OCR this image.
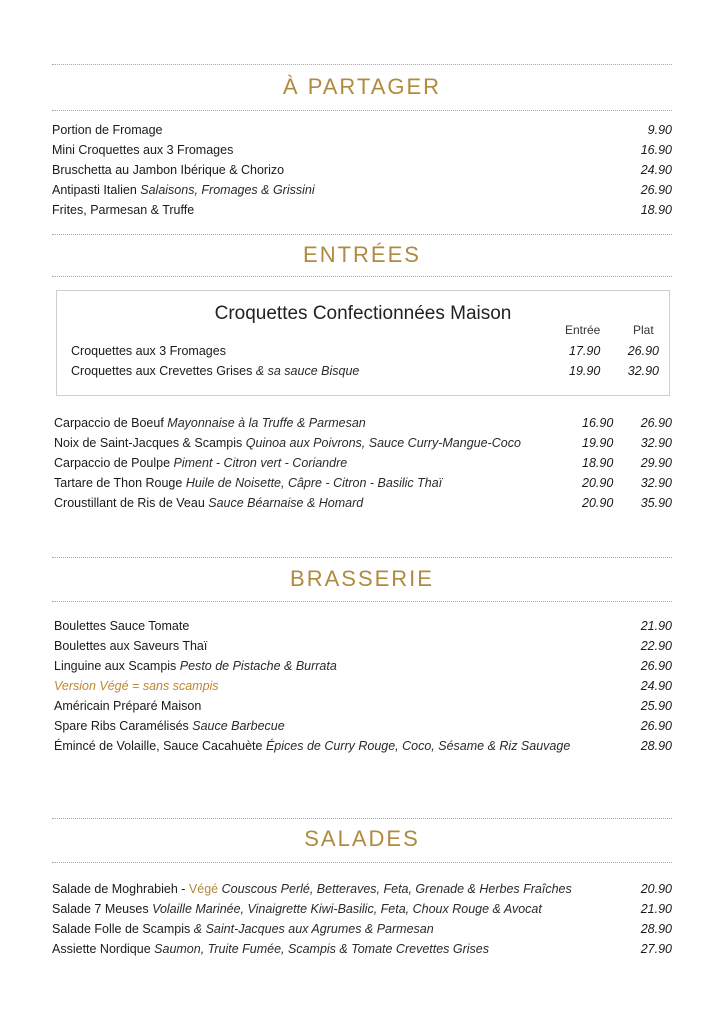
À PARTAGER
Portion de Fromage	9.90
Mini Croquettes aux 3 Fromages	16.90
Bruschetta au Jambon Ibérique & Chorizo	24.90
Antipasti Italien Salaisons, Fromages & Grissini	26.90
Frites, Parmesan & Truffe	18.90
ENTRÉES
Croquettes Confectionnées Maison
Entrée	Plat
Croquettes aux 3 Fromages	17.90 26.90
Croquettes aux Crevettes Grises & sa sauce Bisque	19.90 32.90
Carpaccio de Boeuf Mayonnaise à la Truffe & Parmesan	16.90 26.90
Noix de Saint-Jacques & Scampis Quinoa aux Poivrons, Sauce Curry-Mangue-Coco	19.90 32.90
Carpaccio de Poulpe Piment - Citron vert - Coriandre	18.90 29.90
Tartare de Thon Rouge Huile de Noisette, Câpre - Citron - Basilic Thaï	20.90 32.90
Croustillant de Ris de Veau Sauce Béarnaise & Homard	20.90 35.90
BRASSERIE
Boulettes Sauce Tomate	21.90
Boulettes aux Saveurs Thaï	22.90
Linguine aux Scampis Pesto de Pistache & Burrata	26.90
Version Végé = sans scampis	24.90
Américain Préparé Maison	25.90
Spare Ribs Caramélisés Sauce Barbecue	26.90
Émincé de Volaille, Sauce Cacahuète Épices de Curry Rouge, Coco, Sésame & Riz Sauvage	28.90
SALADES
Salade de Moghrabieh - Végé Couscous Perlé, Betteraves, Feta, Grenade & Herbes Fraîches	20.90
Salade 7 Meuses Volaille Marinée, Vinaigrette Kiwi-Basilic, Feta, Choux Rouge & Avocat	21.90
Salade Folle de Scampis & Saint-Jacques aux Agrumes & Parmesan	28.90
Assiette Nordique Saumon, Truite Fumée, Scampis & Tomate Crevettes Grises	27.90
